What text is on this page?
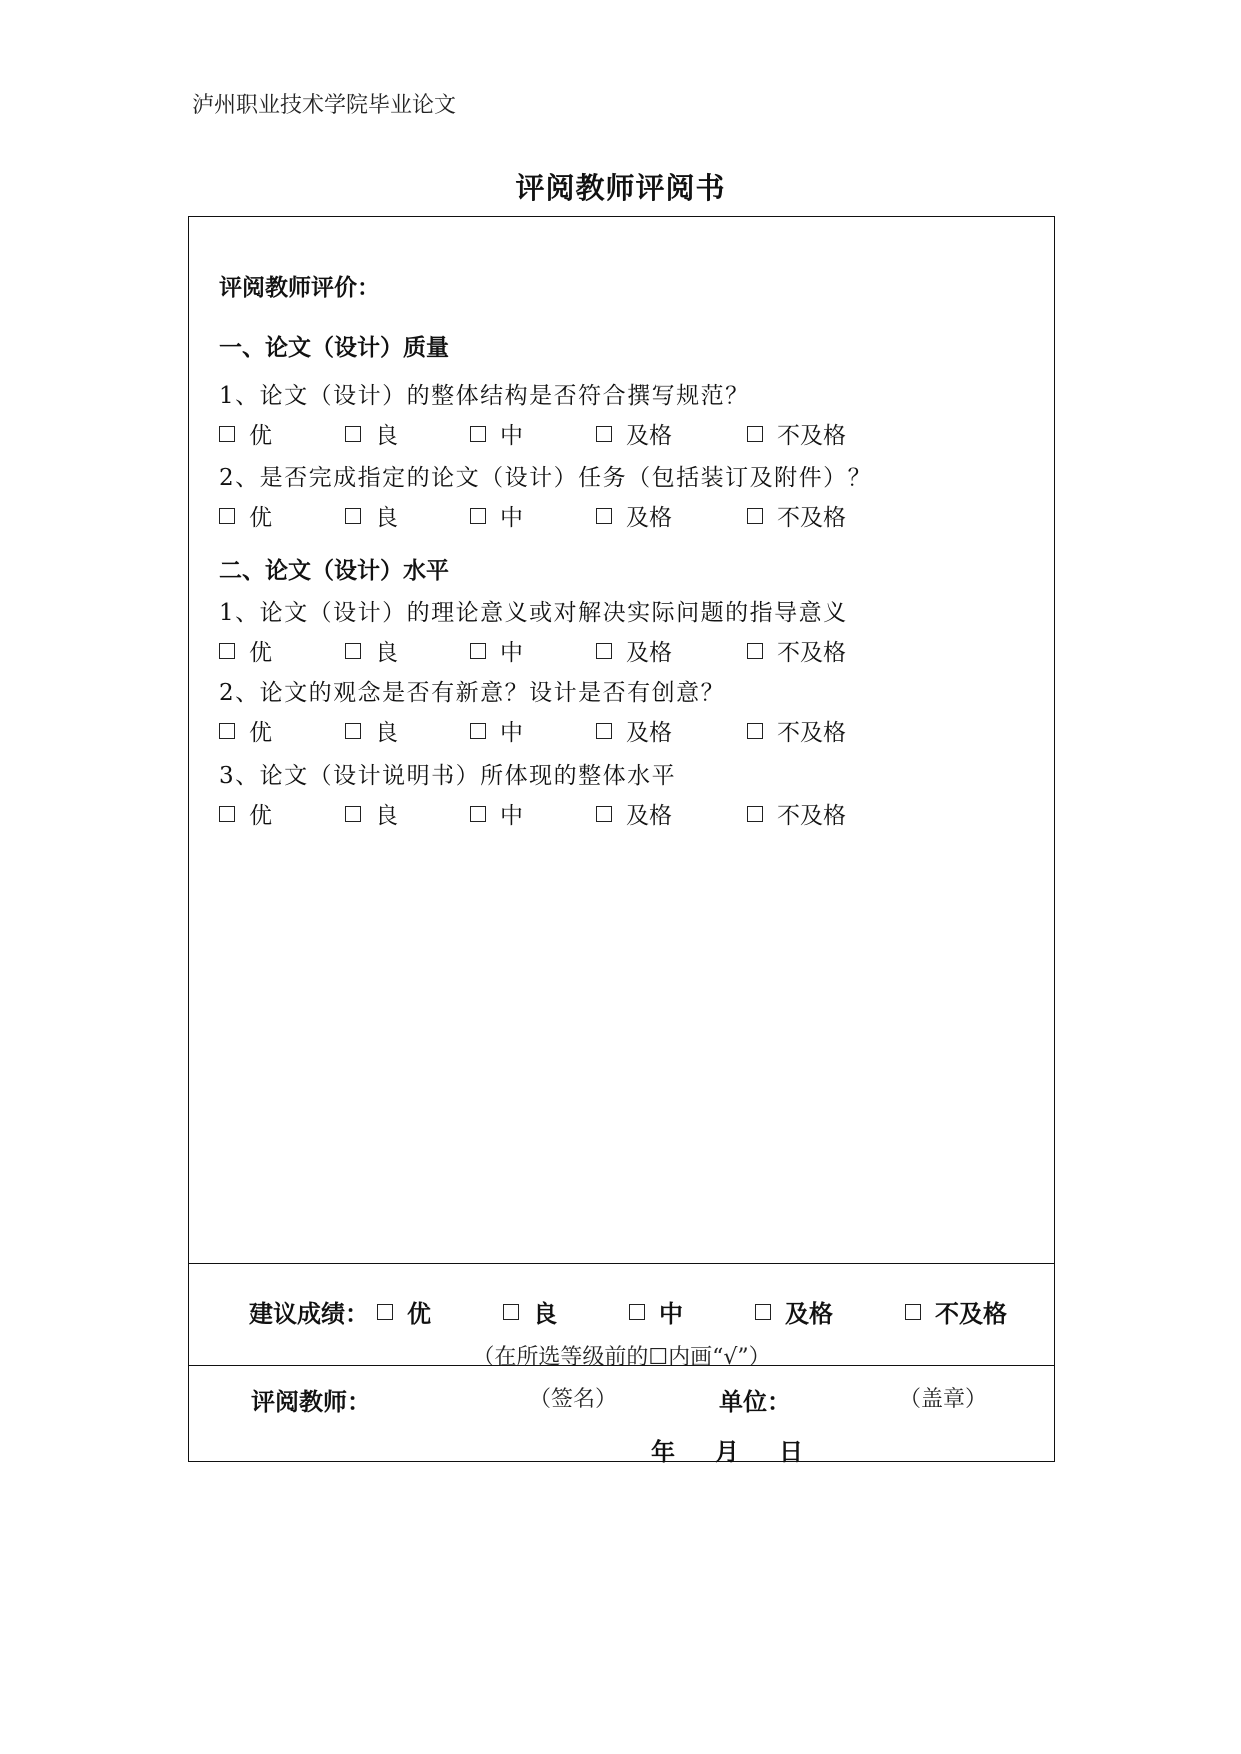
泸州职业技术学院毕业论文
评阅教师评阅书
评阅教师评价：
一、论文（设计）质量
1、论文（设计）的整体结构是否符合撰写规范？
优	良	中	及格	不及格
2、是否完成指定的论文（设计）任务（包括装订及附件）？
优	良	中	及格	不及格
二、论文（设计）水平
1、论文（设计）的理论意义或对解决实际问题的指导意义
优	良	中	及格	不及格
2、论文的观念是否有新意？设计是否有创意？
优	良	中	及格	不及格
3、论文（设计说明书）所体现的整体水平
优	良	中	及格	不及格
建议成绩： 优	良	中	及格	不及格
（在所选等级前的☐内画“√”）
评阅教师：	（签名）	单位：	（盖章）
年 月 日
